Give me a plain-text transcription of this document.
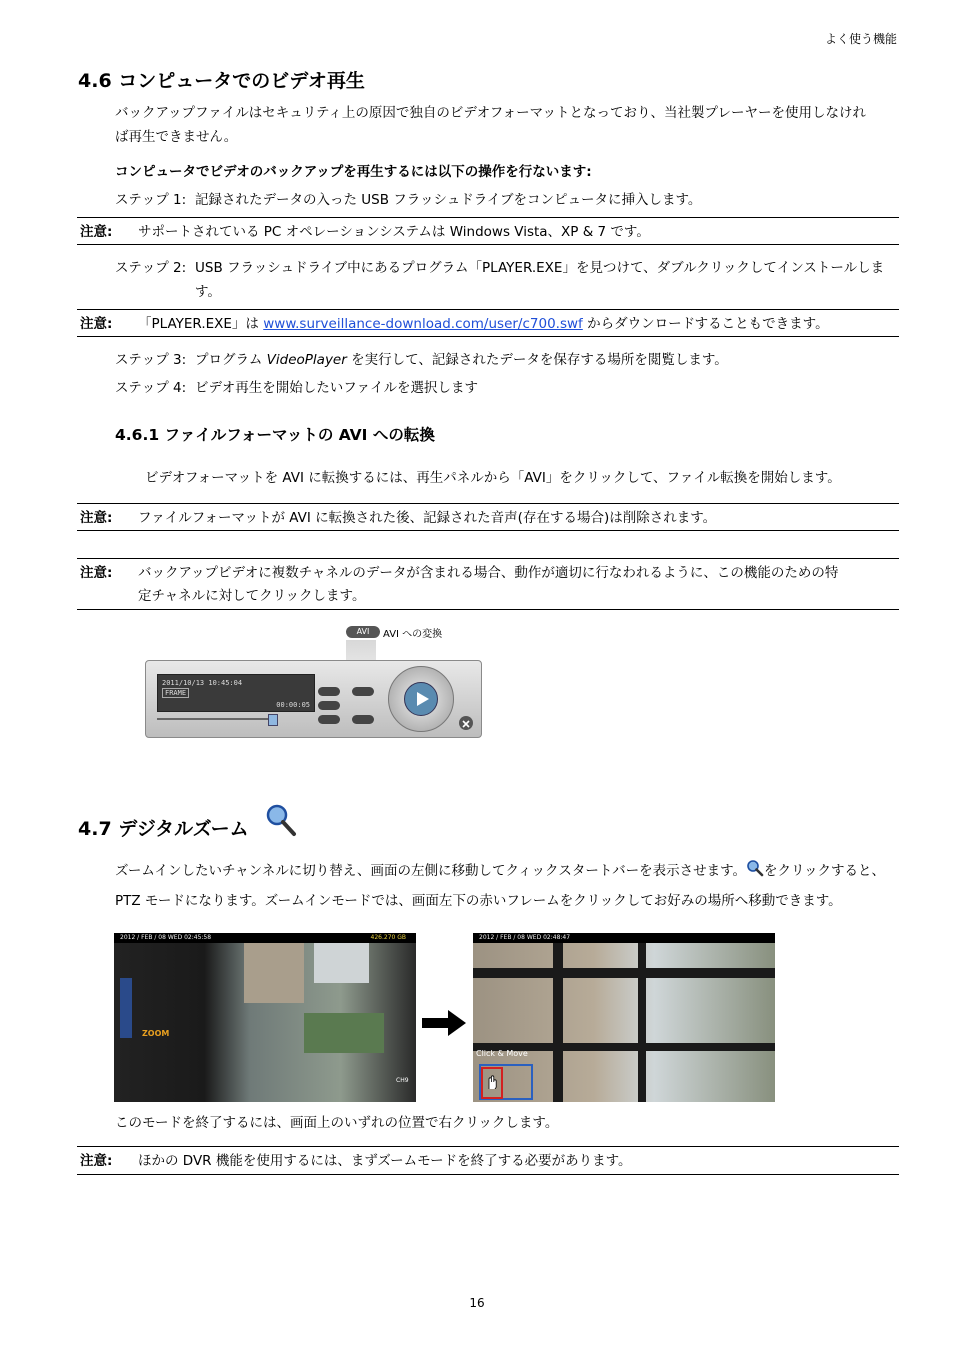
よく使う機能
4.6 コンピュータでのビデオ再生
バックアップファイルはセキュリティ上の原因で独自のビデオフォーマットとなっており、当社製プレーヤーを使用しなけれ
ば再生できません。
コンピュータでビデオのバックアップを再生するには以下の操作を行ないます:
ステップ 1: 記録されたデータの入った USB フラッシュドライブをコンピュータに挿入します。
注意: サポートされている PC オペレーションシステムは Windows Vista、XP & 7 です。
ステップ 2: USB フラッシュドライブ中にあるプログラム「PLAYER.EXE」を見つけて、ダブルクリックしてインストールしま
す。
注意: 「PLAYER.EXE」は www.surveillance-download.com/user/c700.swf からダウンロードすることもできます。
ステップ 3: プログラム VideoPlayer を実行して、記録されたデータを保存する場所を閲覧します。
ステップ 4: ビデオ再生を開始したいファイルを選択します
4.6.1 ファイルフォーマットの AVI への転換
ビデオフォーマットを AVI に転換するには、再生パネルから「AVI」をクリックして、ファイル転換を開始します。
注意: ファイルフォーマットが AVI に転換された後、記録された音声(存在する場合)は削除されます。
注意: バックアップビデオに複数チャネルのデータが含まれる場合、動作が適切に行なわれるように、この機能のための特
定チャネルに対してクリックします。
AVI	AVI への変換
2011/10/13 10:45:04
FRAME
00:00:05
4.7 デジタルズーム
ズームインしたいチャンネルに切り替え、画面の左側に移動してクィックスタートバーを表示させます。 をクリックすると、
PTZ モードになります。ズームインモードでは、画面左下の赤いフレームをクリックしてお好みの場所へ移動できます。
2012 / FEB / 08 WED 02:45:58	426.270 GB
ZOOM
CH9
2012 / FEB / 08 WED 02:48:47
Click & Move
このモードを終了するには、画面上のいずれの位置で右クリックします。
注意: ほかの DVR 機能を使用するには、まずズームモードを終了する必要があります。
16
